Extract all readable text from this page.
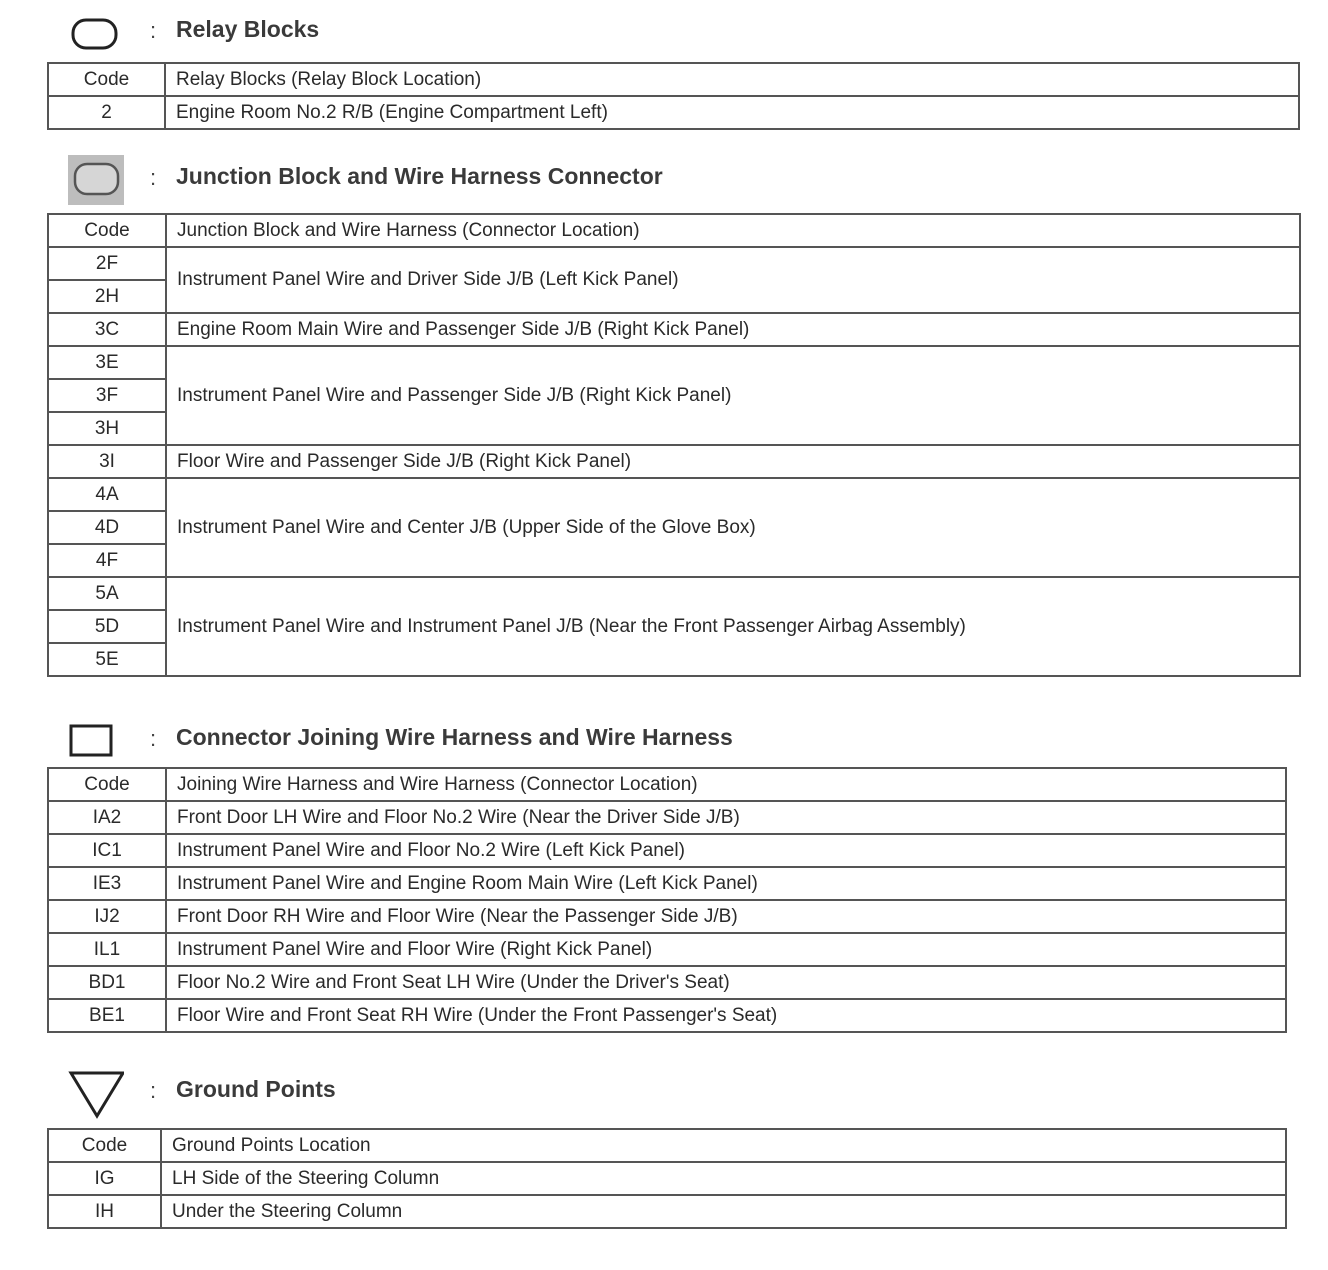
: Relay Blocks
Code	Relay Blocks (Relay Block Location)
2	Engine Room No.2 R/B (Engine Compartment Left)
: Junction Block and Wire Harness Connector
Code	Junction Block and Wire Harness (Connector Location)
2F	Instrument Panel Wire and Driver Side J/B (Left Kick Panel)
2H	
3C	Engine Room Main Wire and Passenger Side J/B (Right Kick Panel)
3E	Instrument Panel Wire and Passenger Side J/B (Right Kick Panel)
3F	
3H	
3I	Floor Wire and Passenger Side J/B (Right Kick Panel)
4A	Instrument Panel Wire and Center J/B (Upper Side of the Glove Box)
4D	
4F	
5A	Instrument Panel Wire and Instrument Panel J/B (Near the Front Passenger Airbag Assembly)
5D	
5E	
: Connector Joining Wire Harness and Wire Harness
Code	Joining Wire Harness and Wire Harness (Connector Location)
IA2	Front Door LH Wire and Floor No.2 Wire (Near the Driver Side J/B)
IC1	Instrument Panel Wire and Floor No.2 Wire (Left Kick Panel)
IE3	Instrument Panel Wire and Engine Room Main Wire (Left Kick Panel)
IJ2	Front Door RH Wire and Floor Wire (Near the Passenger Side J/B)
IL1	Instrument Panel Wire and Floor Wire (Right Kick Panel)
BD1	Floor No.2 Wire and Front Seat LH Wire (Under the Driver's Seat)
BE1	Floor Wire and Front Seat RH Wire (Under the Front Passenger's Seat)
: Ground Points
Code	Ground Points Location
IG	LH Side of the Steering Column
IH	Under the Steering Column
